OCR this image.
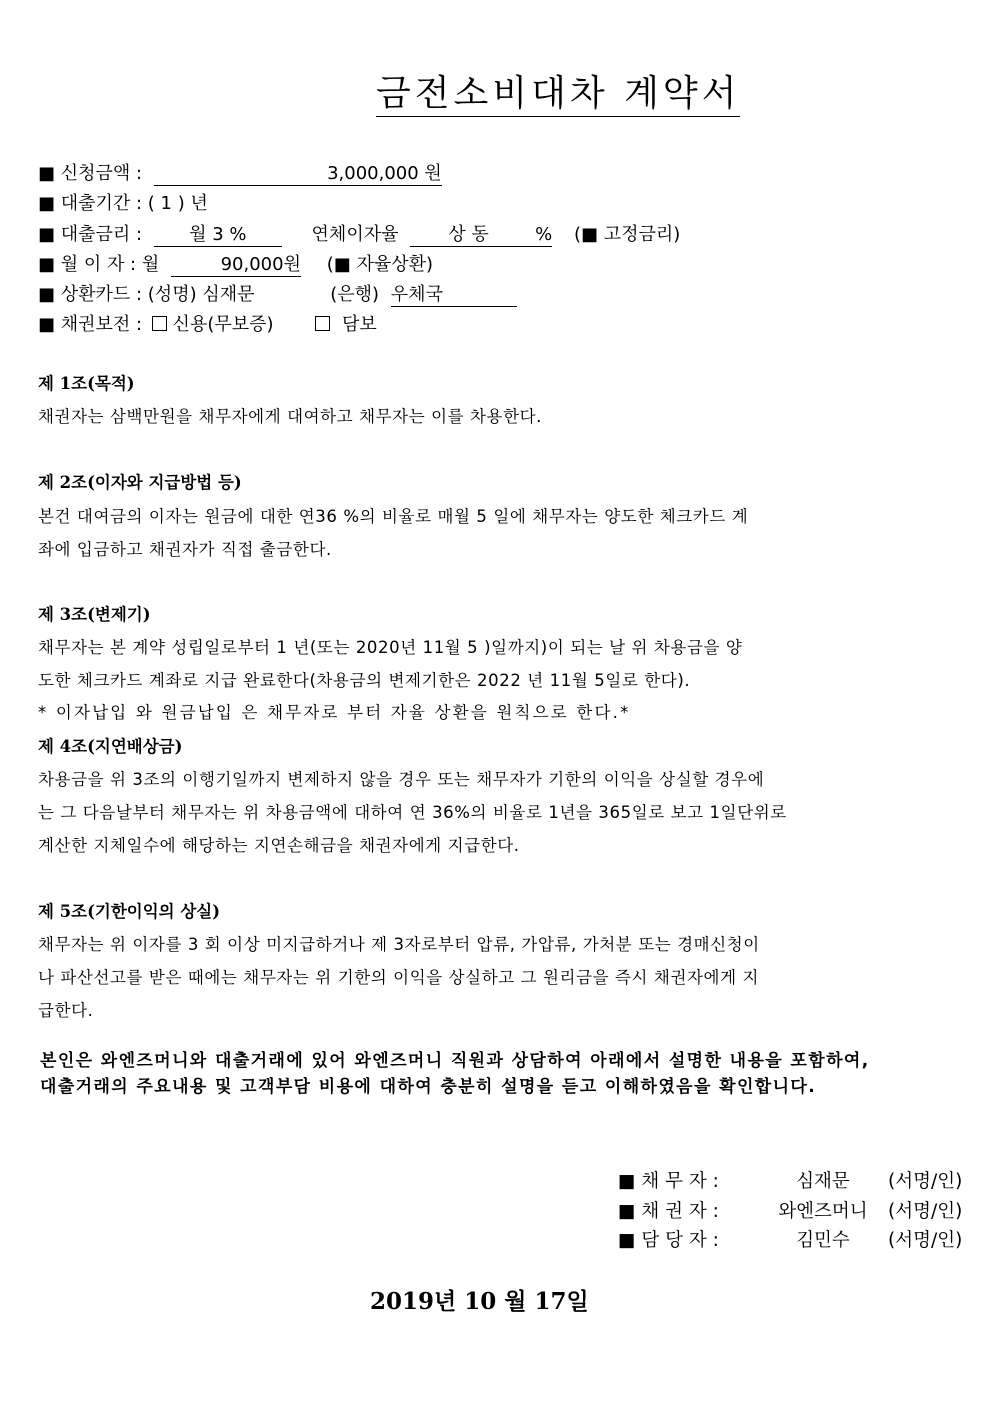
금전소비대차 계약서
■ 신청금액 :	3,000,000 원
■ 대출기간 : ( 1 ) 년
■ 대출금리 :	월 3 %	연체이자율	상 동	% (■ 고정금리)
■ 월 이 자 : 월	90,000원 (■ 자율상환)
■ 상환카드 : (성명) 심재문	(은행) 우체국
■ 채권보전 : 신용(무보증)	담보
제 1조(목적)
채권자는 삼백만원을 채무자에게 대여하고 채무자는 이를 차용한다.
제 2조(이자와 지급방법 등)
본건 대여금의 이자는 원금에 대한 연36 %의 비율로 매월 5 일에 채무자는 양도한 체크카드 계
좌에 입금하고 채권자가 직접 출금한다.
제 3조(변제기)
채무자는 본 계약 성립일로부터 1 년(또는 2020년 11월 5 )일까지)이 되는 날 위 차용금을 양
도한 체크카드 계좌로 지급 완료한다(차용금의 변제기한은 2022 년 11월 5일로 한다).
* 이자납입 와 원금납입 은 채무자로 부터 자율 상환을 원칙으로 한다.*
제 4조(지연배상금)
차용금을 위 3조의 이행기일까지 변제하지 않을 경우 또는 채무자가 기한의 이익을 상실할 경우에
는 그 다음날부터 채무자는 위 차용금액에 대하여 연 36%의 비율로 1년을 365일로 보고 1일단위로
계산한 지체일수에 해당하는 지연손해금을 채권자에게 지급한다.
제 5조(기한이익의 상실)
채무자는 위 이자를 3 회 이상 미지급하거나 제 3자로부터 압류, 가압류, 가처분 또는 경매신청이
나 파산선고를 받은 때에는 채무자는 위 기한의 이익을 상실하고 그 원리금을 즉시 채권자에게 지
급한다.
본인은 와엔즈머니와 대출거래에 있어 와엔즈머니 직원과 상담하여 아래에서 설명한 내용을 포함하여, 대출거래의 주요내용 및 고객부담 비용에 대하여 충분히 설명을 듣고 이해하였음을 확인합니다.
■ 채 무 자 :	심재문 (서명/인)
■ 채 권 자 :	와엔즈머니 (서명/인)
■ 담 당 자 :	김민수 (서명/인)
2019년 10 월 17일
